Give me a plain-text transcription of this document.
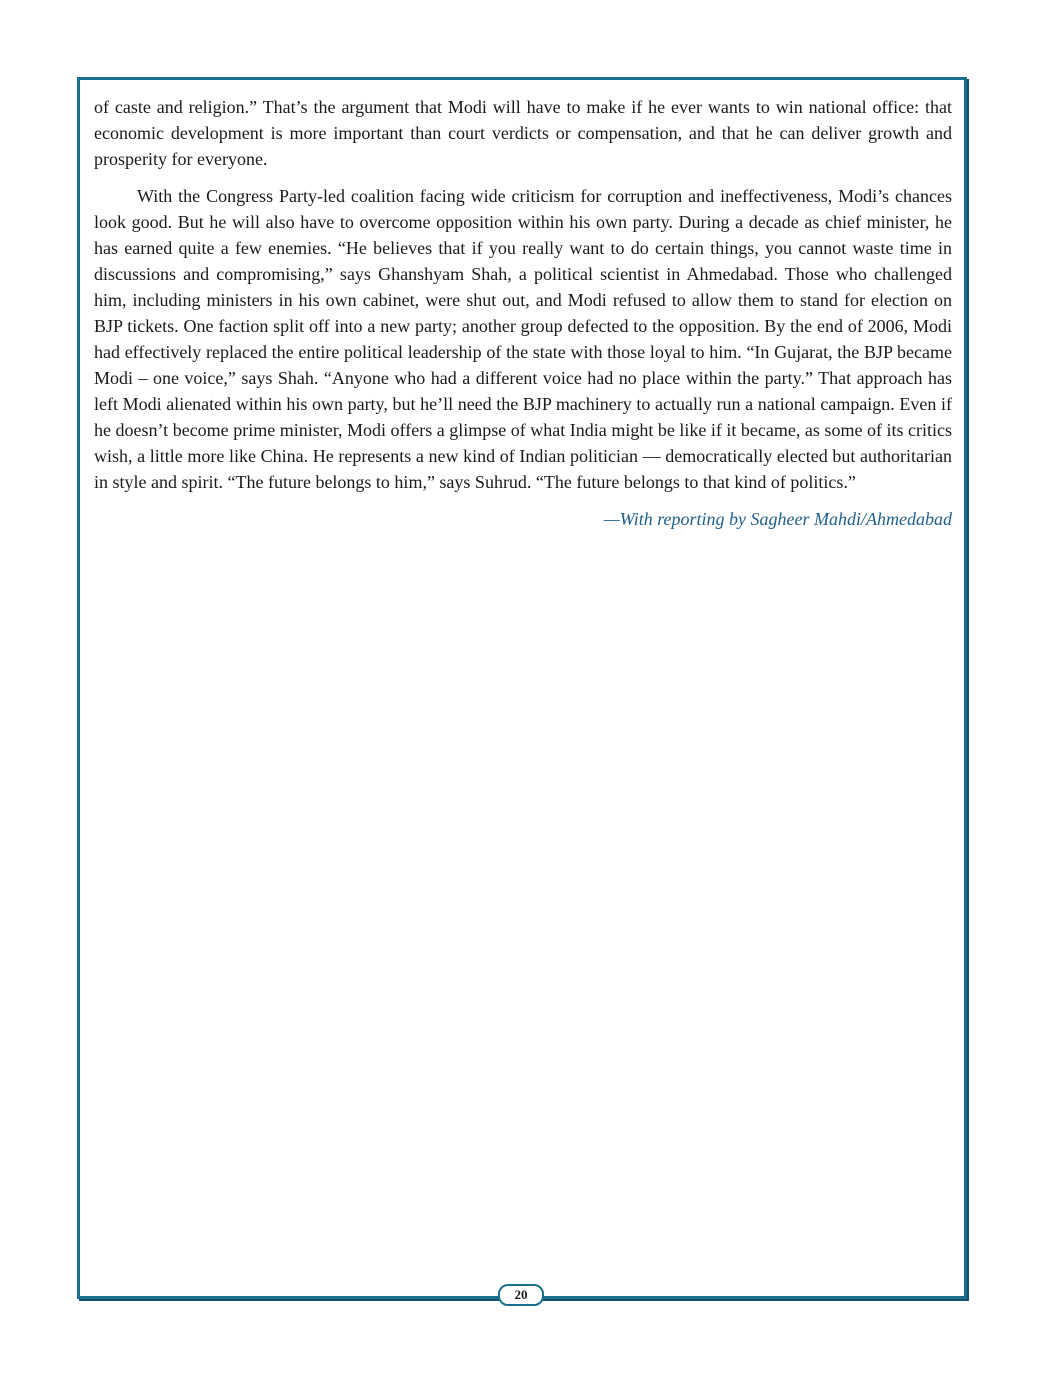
of caste and religion.” That’s the argument that Modi will have to make if he ever wants to win national office: that economic development is more important than court verdicts or compensation, and that he can deliver growth and prosperity for everyone.

With the Congress Party-led coalition facing wide criticism for corruption and ineffectiveness, Modi’s chances look good. But he will also have to overcome opposition within his own party. During a decade as chief minister, he has earned quite a few enemies. “He believes that if you really want to do certain things, you cannot waste time in discussions and compromising,” says Ghanshyam Shah, a political scientist in Ahmedabad. Those who challenged him, including ministers in his own cabinet, were shut out, and Modi refused to allow them to stand for election on BJP tickets. One faction split off into a new party; another group defected to the opposition. By the end of 2006, Modi had effectively replaced the entire political leadership of the state with those loyal to him. “In Gujarat, the BJP became Modi – one voice,” says Shah. “Anyone who had a different voice had no place within the party.” That approach has left Modi alienated within his own party, but he’ll need the BJP machinery to actually run a national campaign. Even if he doesn’t become prime minister, Modi offers a glimpse of what India might be like if it became, as some of its critics wish, a little more like China. He represents a new kind of Indian politician — democratically elected but authoritarian in style and spirit. “The future belongs to him,” says Suhrud. “The future belongs to that kind of politics.”

—With reporting by Sagheer Mahdi/Ahmedabad
20
